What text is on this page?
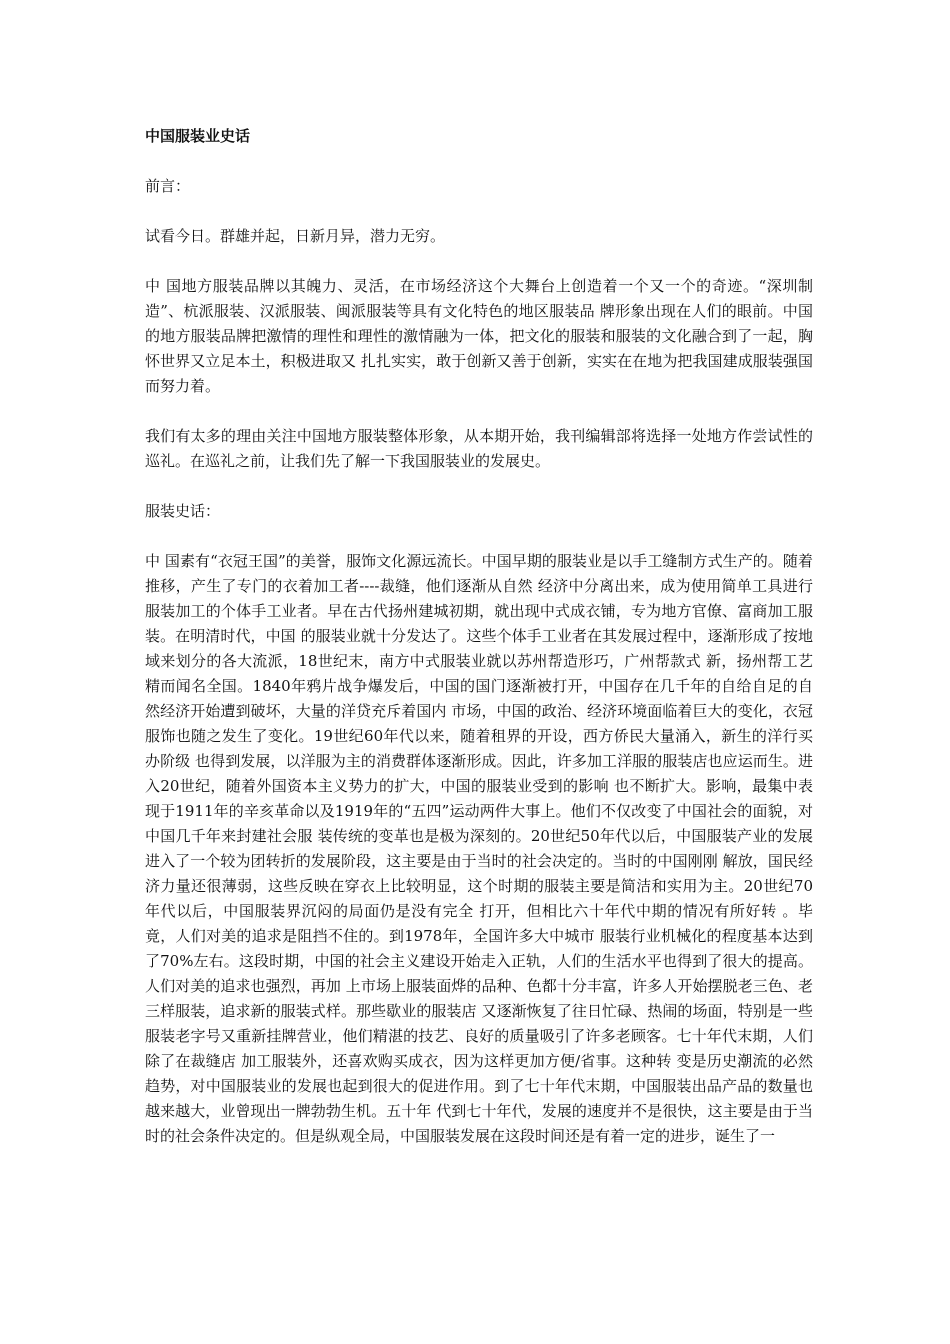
中国服装业史话
前言：
试看今日。群雄并起，日新月异，潜力无穷。
中 国地方服装品牌以其魄力、灵活，在市场经济这个大舞台上创造着一个又一个的奇迹。“深圳制造”、杭派服装、汉派服装、闽派服装等具有文化特色的地区服装品 牌形象出现在人们的眼前。中国的地方服装品牌把激情的理性和理性的激情融为一体，把文化的服装和服装的文化融合到了一起，胸怀世界又立足本土，积极进取又 扎扎实实，敢于创新又善于创新，实实在在地为把我国建成服装强国而努力着。
我们有太多的理由关注中国地方服装整体形象，从本期开始，我刊编辑部将选择一处地方作尝试性的巡礼。在巡礼之前，让我们先了解一下我国服装业的发展史。
服装史话：
中 国素有“衣冠王国”的美誉，服饰文化源远流长。中国早期的服装业是以手工缝制方式生产的。随着推移，产生了专门的衣着加工者----裁缝，他们逐渐从自然 经济中分离出来，成为使用简单工具进行服装加工的个体手工业者。早在古代扬州建城初期，就出现中式成衣铺，专为地方官僚、富商加工服装。在明清时代，中国 的服装业就十分发达了。这些个体手工业者在其发展过程中，逐渐形成了按地域来划分的各大流派，18世纪末，南方中式服装业就以苏州帮造形巧，广州帮款式 新，扬州帮工艺精而闻名全国。1840年鸦片战争爆发后，中国的国门逐渐被打开，中国存在几千年的自给自足的自然经济开始遭到破坏，大量的洋贷充斥着国内 市场，中国的政治、经济环境面临着巨大的变化，衣冠服饰也随之发生了变化。19世纪60年代以来，随着租界的开设，西方侨民大量涌入，新生的洋行买办阶级 也得到发展，以洋服为主的消费群体逐渐形成。因此，许多加工洋服的服装店也应运而生。进入20世纪，随着外国资本主义势力的扩大，中国的服装业受到的影响 也不断扩大。影响，最集中表现于1911年的辛亥革命以及1919年的“五四”运动两件大事上。他们不仅改变了中国社会的面貌，对中国几千年来封建社会服 装传统的变革也是极为深刻的。20世纪50年代以后，中国服装产业的发展进入了一个较为团转折的发展阶段，这主要是由于当时的社会决定的。当时的中国刚刚 解放，国民经济力量还很薄弱，这些反映在穿衣上比较明显，这个时期的服装主要是简洁和实用为主。20世纪70年代以后，中国服装界沉闷的局面仍是没有完全 打开，但相比六十年代中期的情况有所好转 。毕竟，人们对美的追求是阻挡不住的。到1978年，全国许多大中城市 服装行业机械化的程度基本达到了70%左右。这段时期，中国的社会主义建设开始走入正轨，人们的生活水平也得到了很大的提高。人们对美的追求也强烈，再加 上市场上服装面烨的品种、色都十分丰富，许多人开始摆脱老三色、老三样服装，追求新的服装式样。那些歇业的服装店 又逐渐恢复了往日忙碌、热闹的场面，特别是一些服装老字号又重新挂牌营业，他们精湛的技艺、良好的质量吸引了许多老顾客。七十年代末期，人们除了在裁缝店 加工服装外，还喜欢购买成衣，因为这样更加方便/省事。这种转 变是历史潮流的必然趋势，对中国服装业的发展也起到很大的促进作用。到了七十年代末期，中国服装出品产品的数量也越来越大，业曾现出一牌勃勃生机。五十年 代到七十年代，发展的速度并不是很快，这主要是由于当时的社会条件决定的。但是纵观全局，中国服装发展在这段时间还是有着一定的进步，诞生了一
